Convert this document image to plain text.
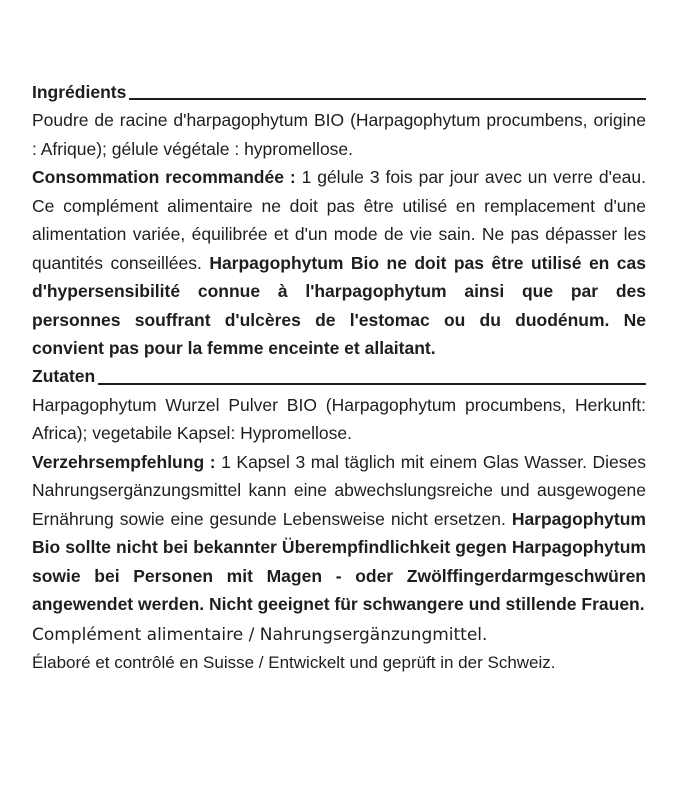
Ingrédients

Poudre de racine d'harpagophytum BIO (Harpagophytum procumbens, origine : Afrique); gélule végétale : hypromellose.

Consommation recommandée : 1 gélule 3 fois par jour avec un verre d'eau. Ce complément alimentaire ne doit pas être utilisé en remplacement d'une alimentation variée, équilibrée et d'un mode de vie sain. Ne pas dépasser les quantités conseillées. Harpagophytum Bio ne doit pas être utilisé en cas d'hypersensibilité connue à l'harpagophytum ainsi que par des personnes souffrant d'ulcères de l'estomac ou du duodénum. Ne convient pas pour la femme enceinte et allaitant.

Zutaten

Harpagophytum Wurzel Pulver BIO (Harpagophytum procumbens, Herkunft: Africa); vegetabile Kapsel: Hypromellose.

Verzehrsempfehlung : 1 Kapsel 3 mal täglich mit einem Glas Wasser. Dieses Nahrungsergänzungsmittel kann eine abwechslungsreiche und ausgewogene Ernährung sowie eine gesunde Lebensweise nicht ersetzen. Harpagophytum Bio sollte nicht bei bekannter Überempfindlichkeit gegen Harpagophytum sowie bei Personen mit Magen - oder Zwölffingerdarmgeschwüren angewendet werden. Nicht geeignet für schwangere und stillende Frauen.

Complément alimentaire / Nahrungsergänzungmittel.

Élaboré et contrôlé en Suisse / Entwickelt und geprüft in der Schweiz.
